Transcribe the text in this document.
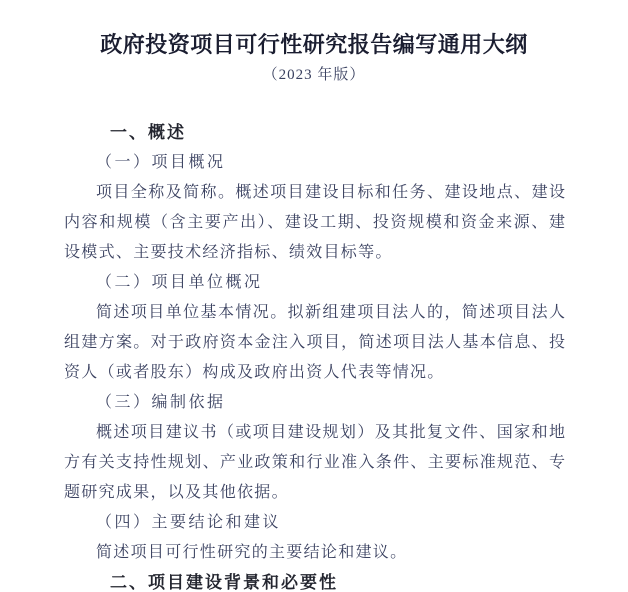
政府投资项目可行性研究报告编写通用大纲
（2023 年版）
一、概述
（一）项目概况
项目全称及简称。概述项目建设目标和任务、建设地点、建设
内容和规模（含主要产出）、建设工期、投资规模和资金来源、建
设模式、主要技术经济指标、绩效目标等。
（二）项目单位概况
简述项目单位基本情况。拟新组建项目法人的，简述项目法人
组建方案。对于政府资本金注入项目，简述项目法人基本信息、投
资人（或者股东）构成及政府出资人代表等情况。
（三）编制依据
概述项目建议书（或项目建设规划）及其批复文件、国家和地
方有关支持性规划、产业政策和行业准入条件、主要标准规范、专
题研究成果，以及其他依据。
（四）主要结论和建议
简述项目可行性研究的主要结论和建议。
二、项目建设背景和必要性
